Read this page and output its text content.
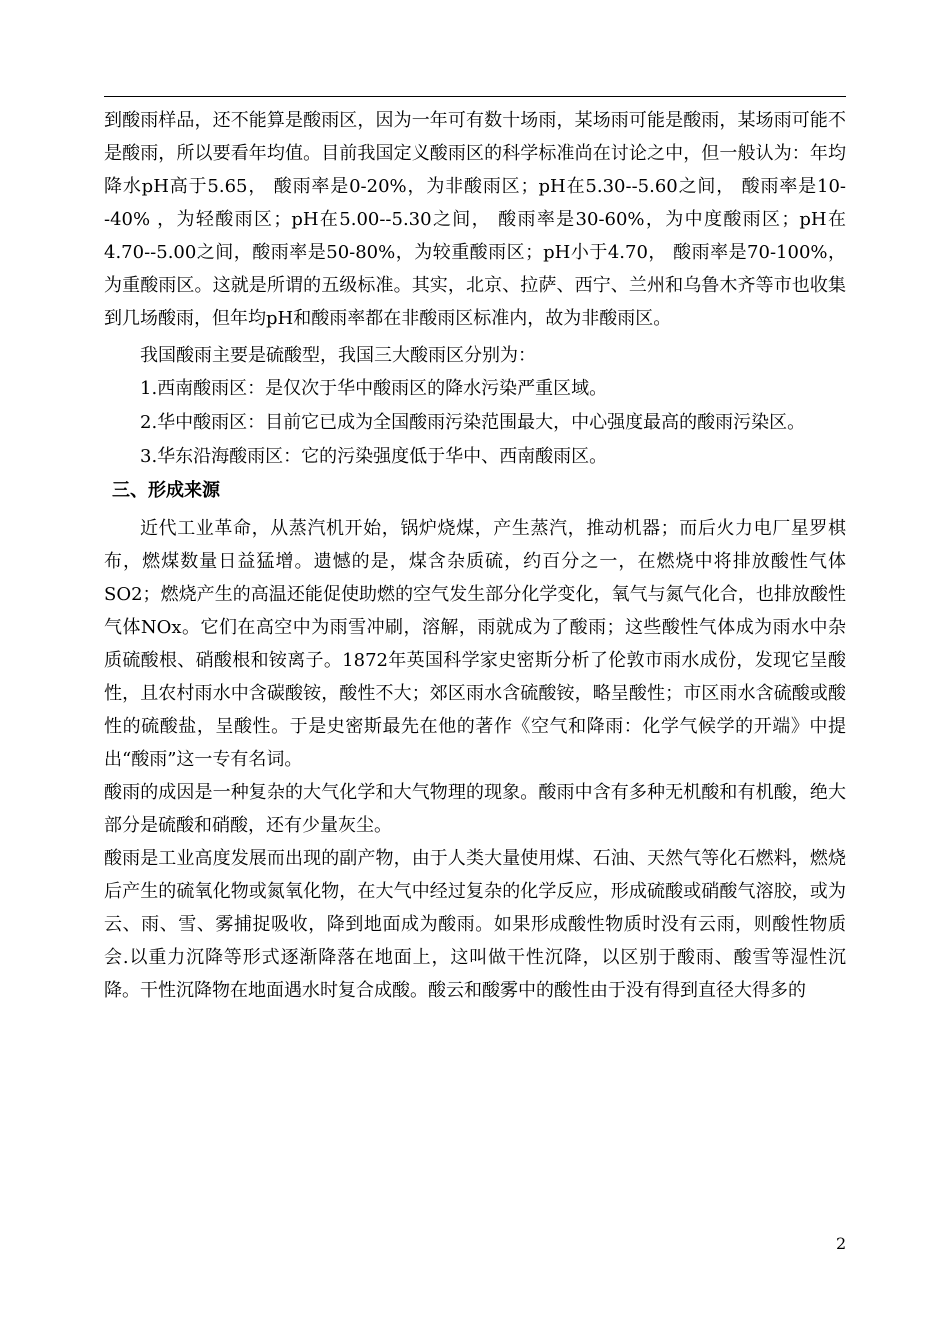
到酸雨样品，还不能算是酸雨区，因为一年可有数十场雨，某场雨可能是酸雨，某场雨可能不是酸雨，所以要看年均值。目前我国定义酸雨区的科学标准尚在讨论之中，但一般认为：年均降水pH高于5.65， 酸雨率是0-20%，为非酸雨区；pH在5.30--5.60之间， 酸雨率是10--40% ，为轻酸雨区；pH在5.00--5.30之间， 酸雨率是30-60%，为中度酸雨区；pH在4.70--5.00之间，酸雨率是50-80%，为较重酸雨区；pH小于4.70， 酸雨率是70-100%，为重酸雨区。这就是所谓的五级标准。其实，北京、拉萨、西宁、兰州和乌鲁木齐等市也收集到几场酸雨，但年均pH和酸雨率都在非酸雨区标准内，故为非酸雨区。

我国酸雨主要是硫酸型，我国三大酸雨区分别为：

1.西南酸雨区：是仅次于华中酸雨区的降水污染严重区域。

2.华中酸雨区：目前它已成为全国酸雨污染范围最大，中心强度最高的酸雨污染区。

3.华东沿海酸雨区：它的污染强度低于华中、西南酸雨区。

三、形成来源

近代工业革命，从蒸汽机开始，锅炉烧煤，产生蒸汽，推动机器；而后火力电厂星罗棋布，燃煤数量日益猛增。遗憾的是，煤含杂质硫，约百分之一，在燃烧中将排放酸性气体SO2；燃烧产生的高温还能促使助燃的空气发生部分化学变化，氧气与氮气化合，也排放酸性气体NOx。它们在高空中为雨雪冲刷，溶解，雨就成为了酸雨；这些酸性气体成为雨水中杂质硫酸根、硝酸根和铵离子。1872年英国科学家史密斯分析了伦敦市雨水成份，发现它呈酸性，且农村雨水中含碳酸铵，酸性不大；郊区雨水含硫酸铵，略呈酸性；市区雨水含硫酸或酸性的硫酸盐，呈酸性。于是史密斯最先在他的著作《空气和降雨：化学气候学的开端》中提出“酸雨”这一专有名词。

酸雨的成因是一种复杂的大气化学和大气物理的现象。酸雨中含有多种无机酸和有机酸，绝大部分是硫酸和硝酸，还有少量灰尘。

酸雨是工业高度发展而出现的副产物，由于人类大量使用煤、石油、天然气等化石燃料，燃烧后产生的硫氧化物或氮氧化物，在大气中经过复杂的化学反应，形成硫酸或硝酸气溶胶，或为云、雨、雪、雾捕捉吸收，降到地面成为酸雨。如果形成酸性物质时没有云雨，则酸性物质会.以重力沉降等形式逐渐降落在地面上，这叫做干性沉降，以区别于酸雨、酸雪等湿性沉降。干性沉降物在地面遇水时复合成酸。酸云和酸雾中的酸性由于没有得到直径大得多的

2
